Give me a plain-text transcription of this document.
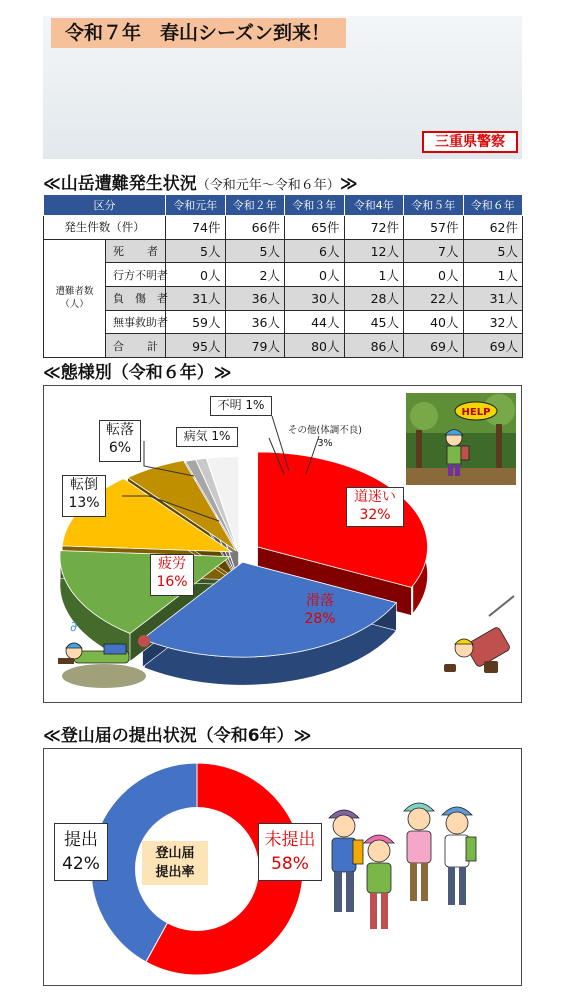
令和７年　春山シーズン到来！
三重県警察
≪山岳遭難発生状況（令和元年～令和６年）≫
区分		令和元年	令和２年	令和３年	令和4年	令和５年	令和６年
発生件数（件）		74件	66件	65件	72件	57件	62件
遭難者数
（人）	死　　者	5人	5人	6人	12人	7人	5人
	行方不明者	0人	2人	0人	1人	0人	1人
	負　傷　者	31人	36人	30人	28人	22人	31人
	無事救助者	59人	36人	44人	45人	40人	32人
	合　　計	95人	79人	80人	86人	69人	69人
≪態様別（令和６年）≫
HELP
∂
道迷い
32%
滑落
28%
疲労
16%
転倒
13%
転落
6%
病気 1%
不明 1%
その他(体調不良)
3%
≪登山届の提出状況（令和6年）≫
登山届
提出率
提出
42%
未提出
58%
